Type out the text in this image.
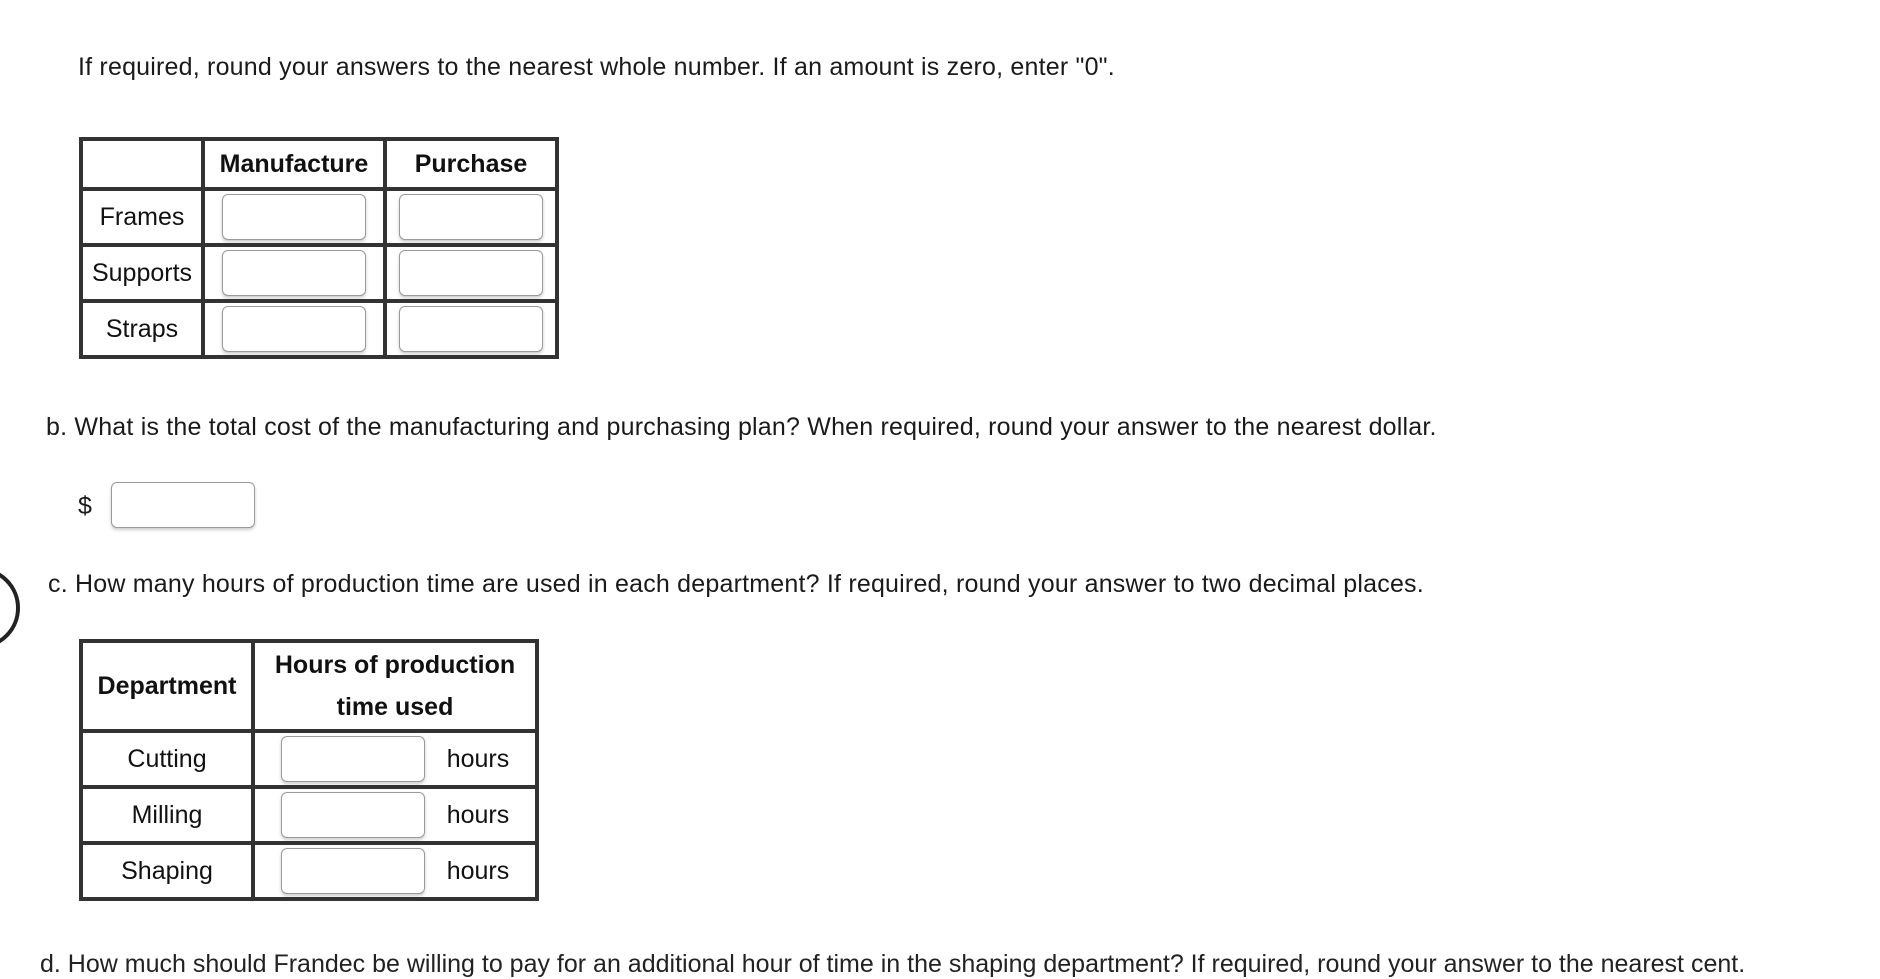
If required, round your answers to the nearest whole number. If an amount is zero, enter "0".
	Manufacture	Purchase
Frames	

Supports	

Straps	

b. What is the total cost of the manufacturing and purchasing plan? When required, round your answer to the nearest dollar.
$
c. How many hours of production time are used in each department? If required, round your answer to two decimal places.
Department	Hours of production time used
Cutting	hours

Milling	hours

Shaping	hours
d. How much should Frandec be willing to pay for an additional hour of time in the shaping department? If required, round your answer to the nearest cent.
